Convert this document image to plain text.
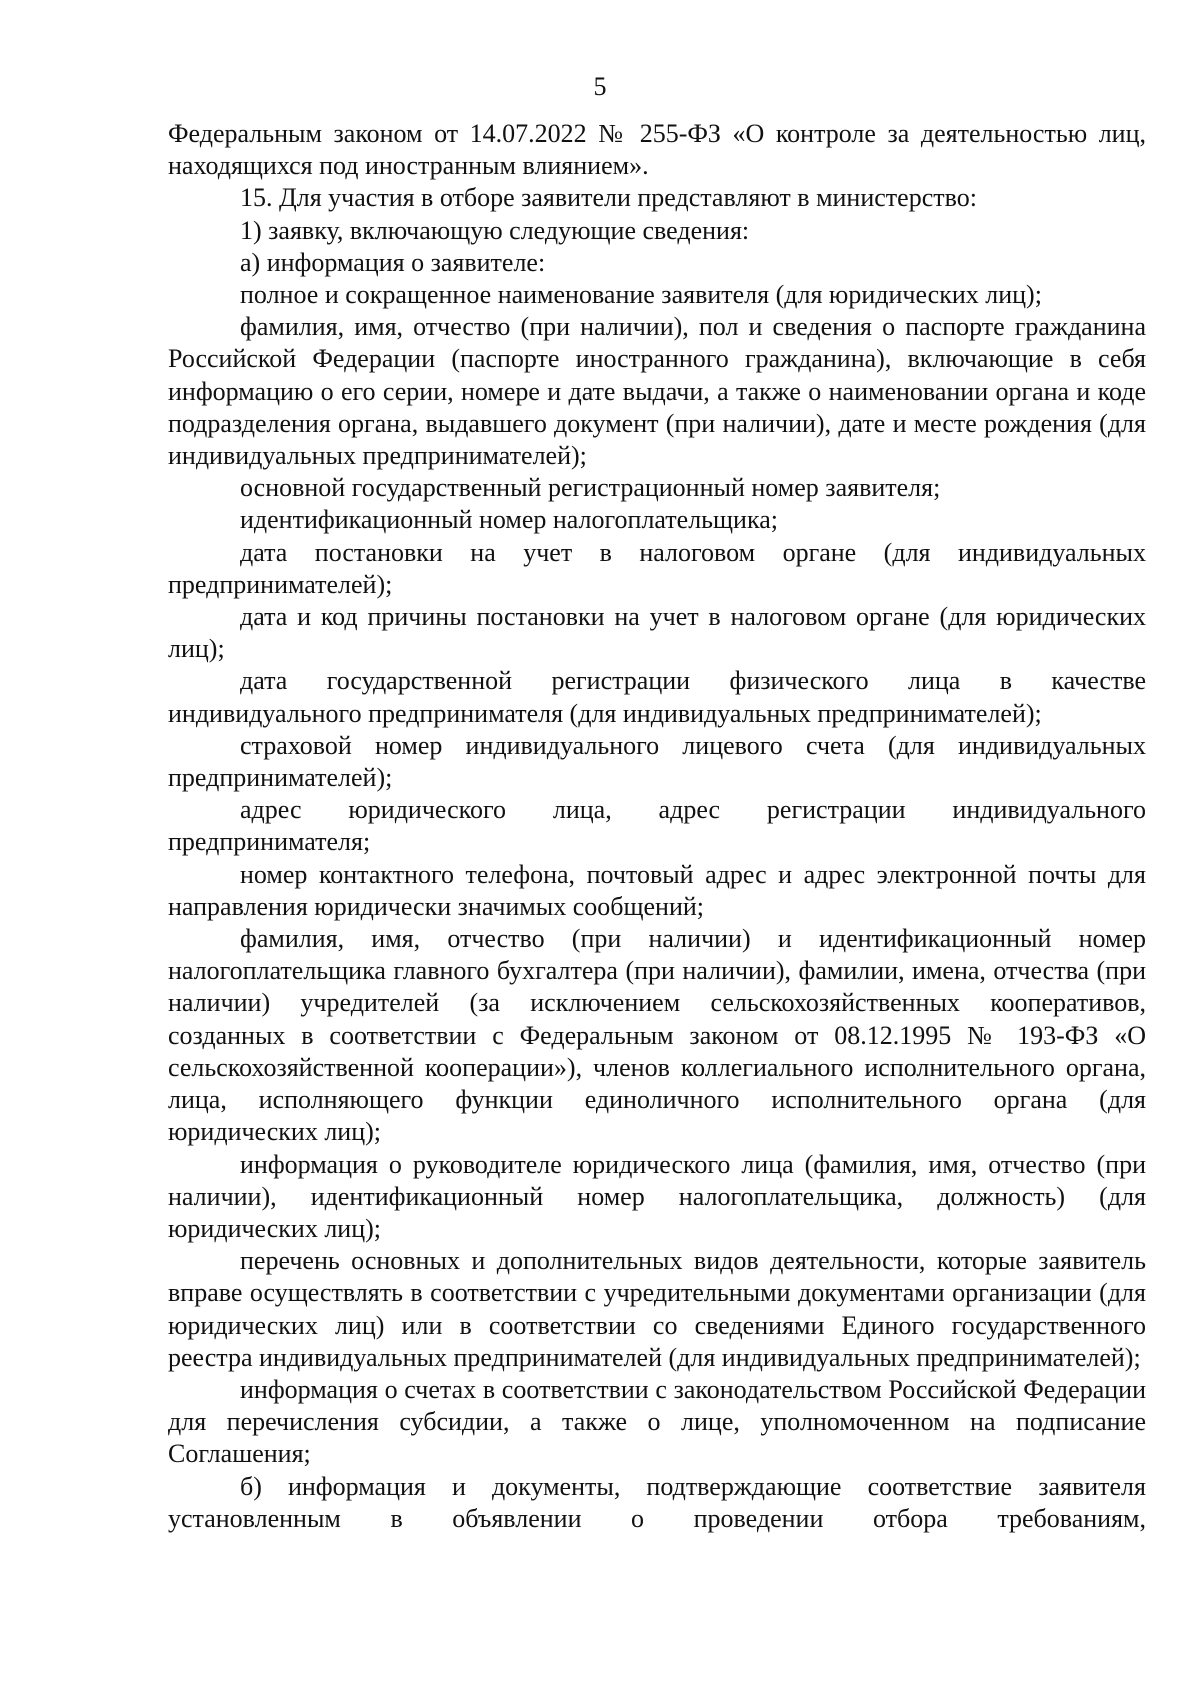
5

Федеральным законом от 14.07.2022 № 255-ФЗ «О контроле за деятельностью лиц, находящихся под иностранным влиянием».

15. Для участия в отборе заявители представляют в министерство:

1) заявку, включающую следующие сведения:

а) информация о заявителе:

полное и сокращенное наименование заявителя (для юридических лиц);

фамилия, имя, отчество (при наличии), пол и сведения о паспорте гражданина Российской Федерации (паспорте иностранного гражданина), включающие в себя информацию о его серии, номере и дате выдачи, а также о наименовании органа и коде подразделения органа, выдавшего документ (при наличии), дате и месте рождения (для индивидуальных предпринимателей);

основной государственный регистрационный номер заявителя;

идентификационный номер налогоплательщика;

дата постановки на учет в налоговом органе (для индивидуальных предпринимателей);

дата и код причины постановки на учет в налоговом органе (для юридических лиц);

дата государственной регистрации физического лица в качестве индивидуального предпринимателя (для индивидуальных предпринимателей);

страховой номер индивидуального лицевого счета (для индивидуальных предпринимателей);

адрес юридического лица, адрес регистрации индивидуального предпринимателя;

номер контактного телефона, почтовый адрес и адрес электронной почты для направления юридически значимых сообщений;

фамилия, имя, отчество (при наличии) и идентификационный номер налогоплательщика главного бухгалтера (при наличии), фамилии, имена, отчества (при наличии) учредителей (за исключением сельскохозяйственных кооперативов, созданных в соответствии с Федеральным законом от 08.12.1995 № 193-ФЗ «О сельскохозяйственной кооперации»), членов коллегиального исполнительного органа, лица, исполняющего функции единоличного исполнительного органа (для юридических лиц);

информация о руководителе юридического лица (фамилия, имя, отчество (при наличии), идентификационный номер налогоплательщика, должность) (для юридических лиц);

перечень основных и дополнительных видов деятельности, которые заявитель вправе осуществлять в соответствии с учредительными документами организации (для юридических лиц) или в соответствии со сведениями Единого государственного реестра индивидуальных предпринимателей (для индивидуальных предпринимателей);

информация о счетах в соответствии с законодательством Российской Федерации для перечисления субсидии, а также о лице, уполномоченном на подписание Соглашения;

б) информация и документы, подтверждающие соответствие заявителя установленным в объявлении о проведении отбора требованиям,
